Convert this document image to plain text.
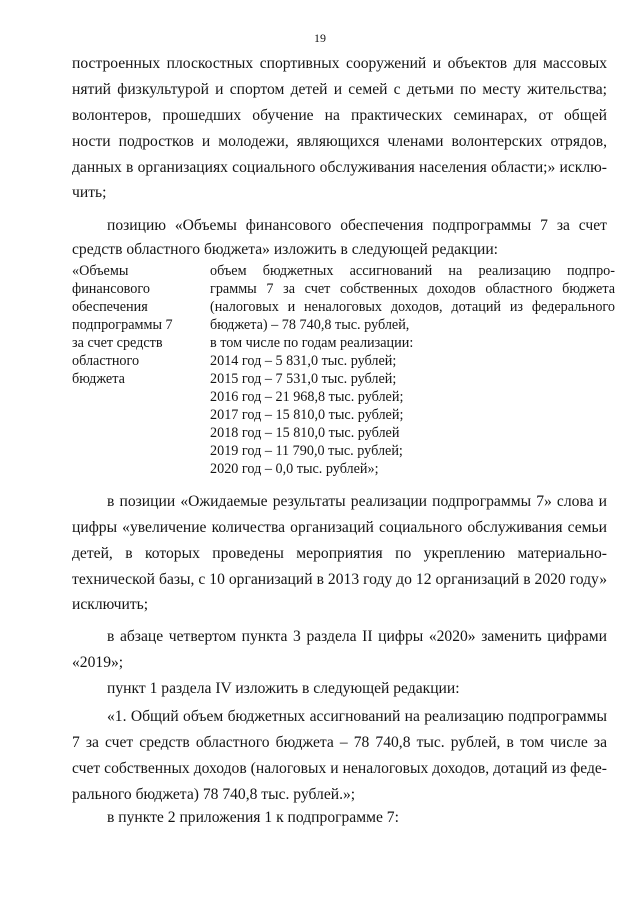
19
построенных плоскостных спортивных сооружений и объектов для массовых
нятий физкультурой и спортом детей и семей с детьми по месту жительства;
волонтеров, прошедших обучение на практических семинарах, от общей
ности подростков и молодежи, являющихся членами волонтерских отрядов,
данных в организациях социального обслуживания населения области;» исклю-
чить;
позицию «Объемы финансового обеспечения подпрограммы 7 за счет
средств областного бюджета» изложить в следующей редакции:
«Объемы
финансового
обеспечения
подпрограммы 7
за счет средств
областного
бюджета
объем бюджетных ассигнований на реализацию подпро-
граммы 7 за счет собственных доходов областного бюджета
(налоговых и неналоговых доходов, дотаций из федерального
бюджета) – 78 740,8 тыс. рублей,
в том числе по годам реализации:
2014 год – 5 831,0 тыс. рублей;
2015 год – 7 531,0 тыс. рублей;
2016 год – 21 968,8 тыс. рублей;
2017 год – 15 810,0 тыс. рублей;
2018 год – 15 810,0 тыс. рублей
2019 год – 11 790,0 тыс. рублей;
2020 год – 0,0 тыс. рублей»;
в позиции «Ожидаемые результаты реализации подпрограммы 7» слова и
цифры «увеличение количества организаций социального обслуживания семьи
детей, в которых проведены мероприятия по укреплению материально-
технической базы, с 10 организаций в 2013 году до 12 организаций в 2020 году»
исключить;
в абзаце четвертом пункта 3 раздела II цифры «2020» заменить цифрами
«2019»;
пункт 1 раздела IV изложить в следующей редакции:
«1. Общий объем бюджетных ассигнований на реализацию подпрограммы
7 за счет средств областного бюджета – 78 740,8 тыс. рублей, в том числе за
счет собственных доходов (налоговых и неналоговых доходов, дотаций из феде-
рального бюджета) 78 740,8 тыс. рублей.»;
в пункте 2 приложения 1 к подпрограмме 7:
